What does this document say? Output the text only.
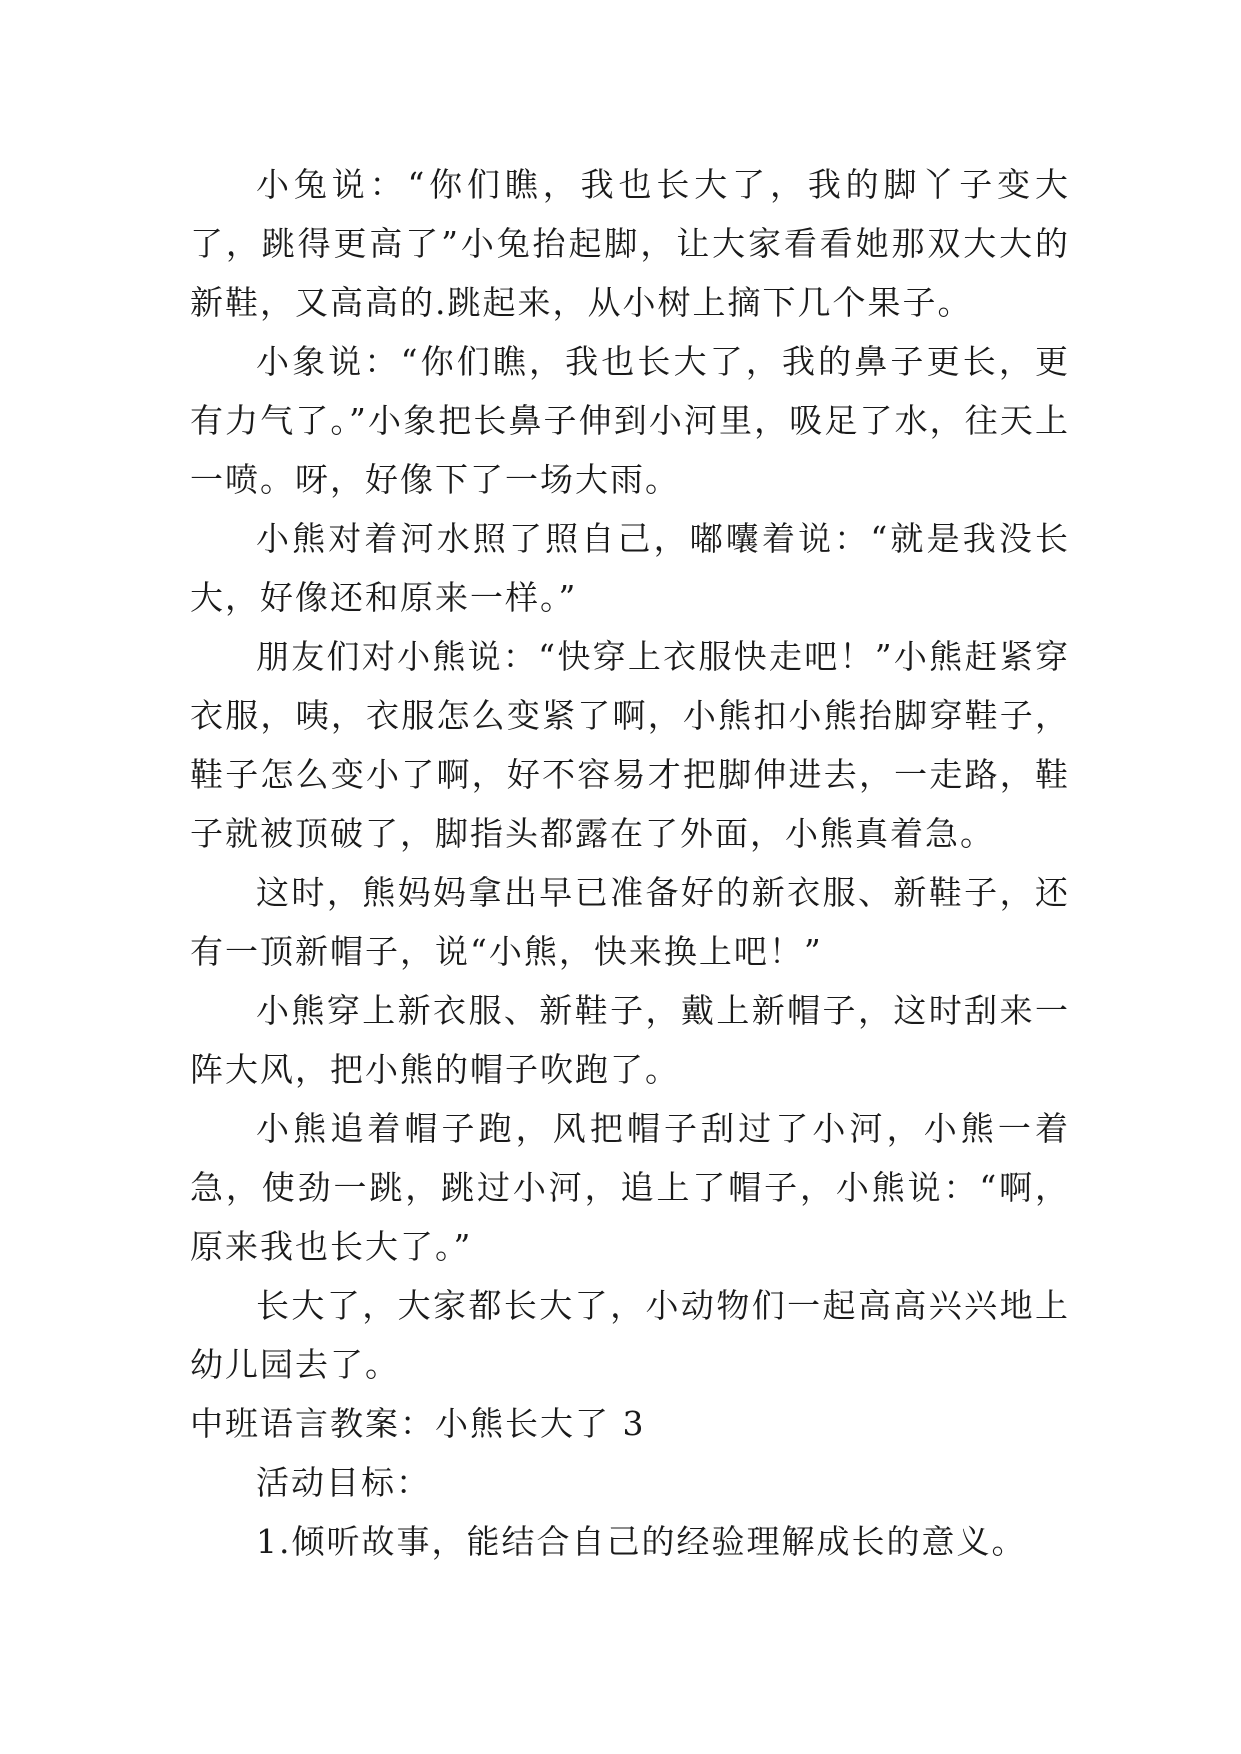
小兔说：“你们瞧，我也长大了，我的脚丫子变大了，跳得更高了”小兔抬起脚，让大家看看她那双大大的新鞋，又高高的.跳起来，从小树上摘下几个果子。

小象说：“你们瞧，我也长大了，我的鼻子更长，更有力气了。”小象把长鼻子伸到小河里，吸足了水，往天上一喷。呀，好像下了一场大雨。

小熊对着河水照了照自己，嘟囔着说：“就是我没长大，好像还和原来一样。”

朋友们对小熊说：“快穿上衣服快走吧！”小熊赶紧穿衣服，咦，衣服怎么变紧了啊，小熊扣小熊抬脚穿鞋子，鞋子怎么变小了啊，好不容易才把脚伸进去，一走路，鞋子就被顶破了，脚指头都露在了外面，小熊真着急。

这时，熊妈妈拿出早已准备好的新衣服、新鞋子，还有一顶新帽子，说“小熊，快来换上吧！”

小熊穿上新衣服、新鞋子，戴上新帽子，这时刮来一阵大风，把小熊的帽子吹跑了。

小熊追着帽子跑，风把帽子刮过了小河，小熊一着急，使劲一跳，跳过小河，追上了帽子，小熊说：“啊，原来我也长大了。”

长大了，大家都长大了，小动物们一起高高兴兴地上幼儿园去了。

中班语言教案：小熊长大了 3

活动目标：

1.倾听故事，能结合自己的经验理解成长的意义。
